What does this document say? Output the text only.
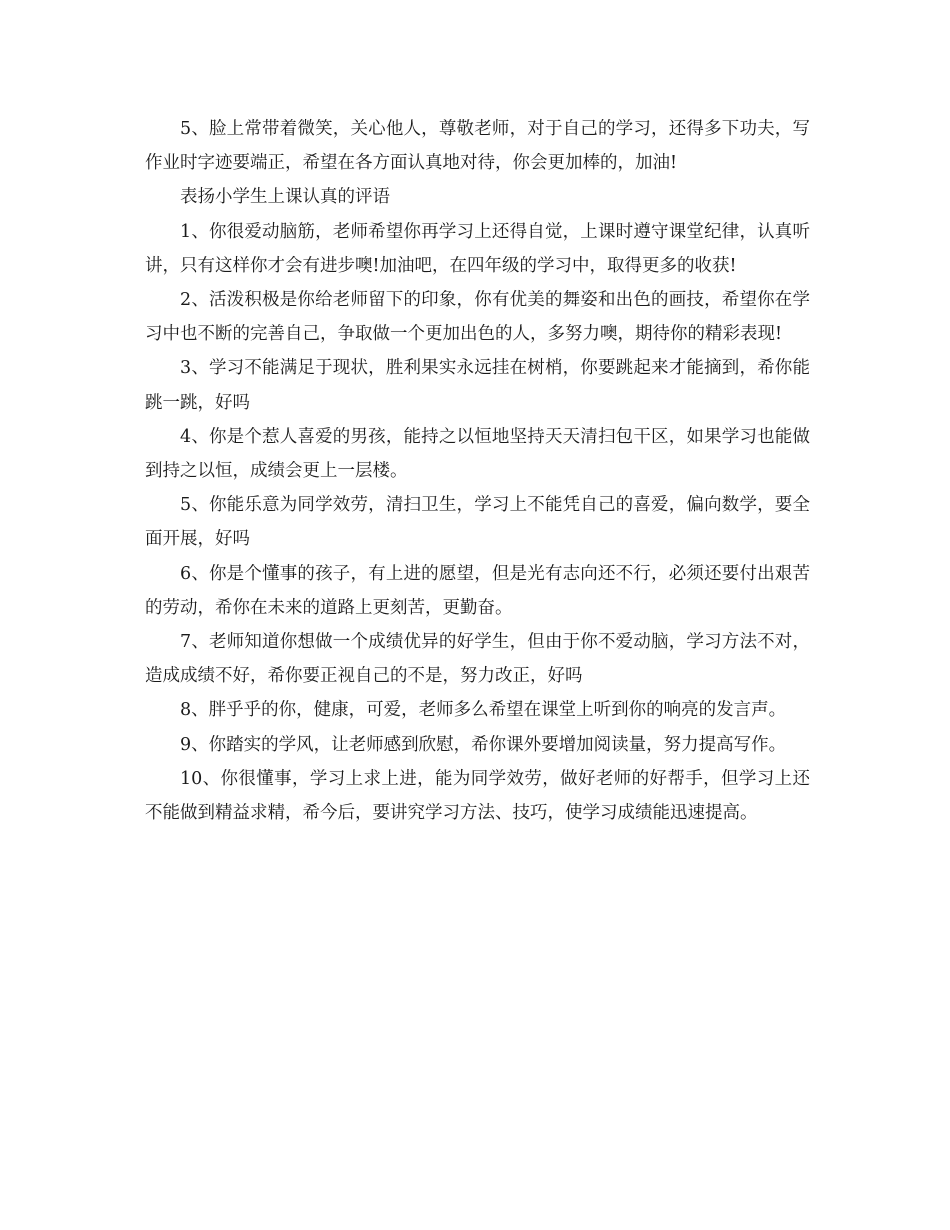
5、脸上常带着微笑，关心他人，尊敬老师，对于自己的学习，还得多下功夫，写作业时字迹要端正，希望在各方面认真地对待，你会更加棒的，加油!

表扬小学生上课认真的评语

1、你很爱动脑筋，老师希望你再学习上还得自觉，上课时遵守课堂纪律，认真听讲，只有这样你才会有进步噢!加油吧，在四年级的学习中，取得更多的收获!

2、活泼积极是你给老师留下的印象，你有优美的舞姿和出色的画技，希望你在学习中也不断的完善自己，争取做一个更加出色的人，多努力噢，期待你的精彩表现!

3、学习不能满足于现状，胜利果实永远挂在树梢，你要跳起来才能摘到，希你能跳一跳，好吗

4、你是个惹人喜爱的男孩，能持之以恒地坚持天天清扫包干区，如果学习也能做到持之以恒，成绩会更上一层楼。

5、你能乐意为同学效劳，清扫卫生，学习上不能凭自己的喜爱，偏向数学，要全面开展，好吗

6、你是个懂事的孩子，有上进的愿望，但是光有志向还不行，必须还要付出艰苦的劳动，希你在未来的道路上更刻苦，更勤奋。

7、老师知道你想做一个成绩优异的好学生，但由于你不爱动脑，学习方法不对，造成成绩不好，希你要正视自己的不是，努力改正，好吗

8、胖乎乎的你，健康，可爱，老师多么希望在课堂上听到你的响亮的发言声。

9、你踏实的学风，让老师感到欣慰，希你课外要增加阅读量，努力提高写作。

10、你很懂事，学习上求上进，能为同学效劳，做好老师的好帮手，但学习上还不能做到精益求精，希今后，要讲究学习方法、技巧，使学习成绩能迅速提高。
